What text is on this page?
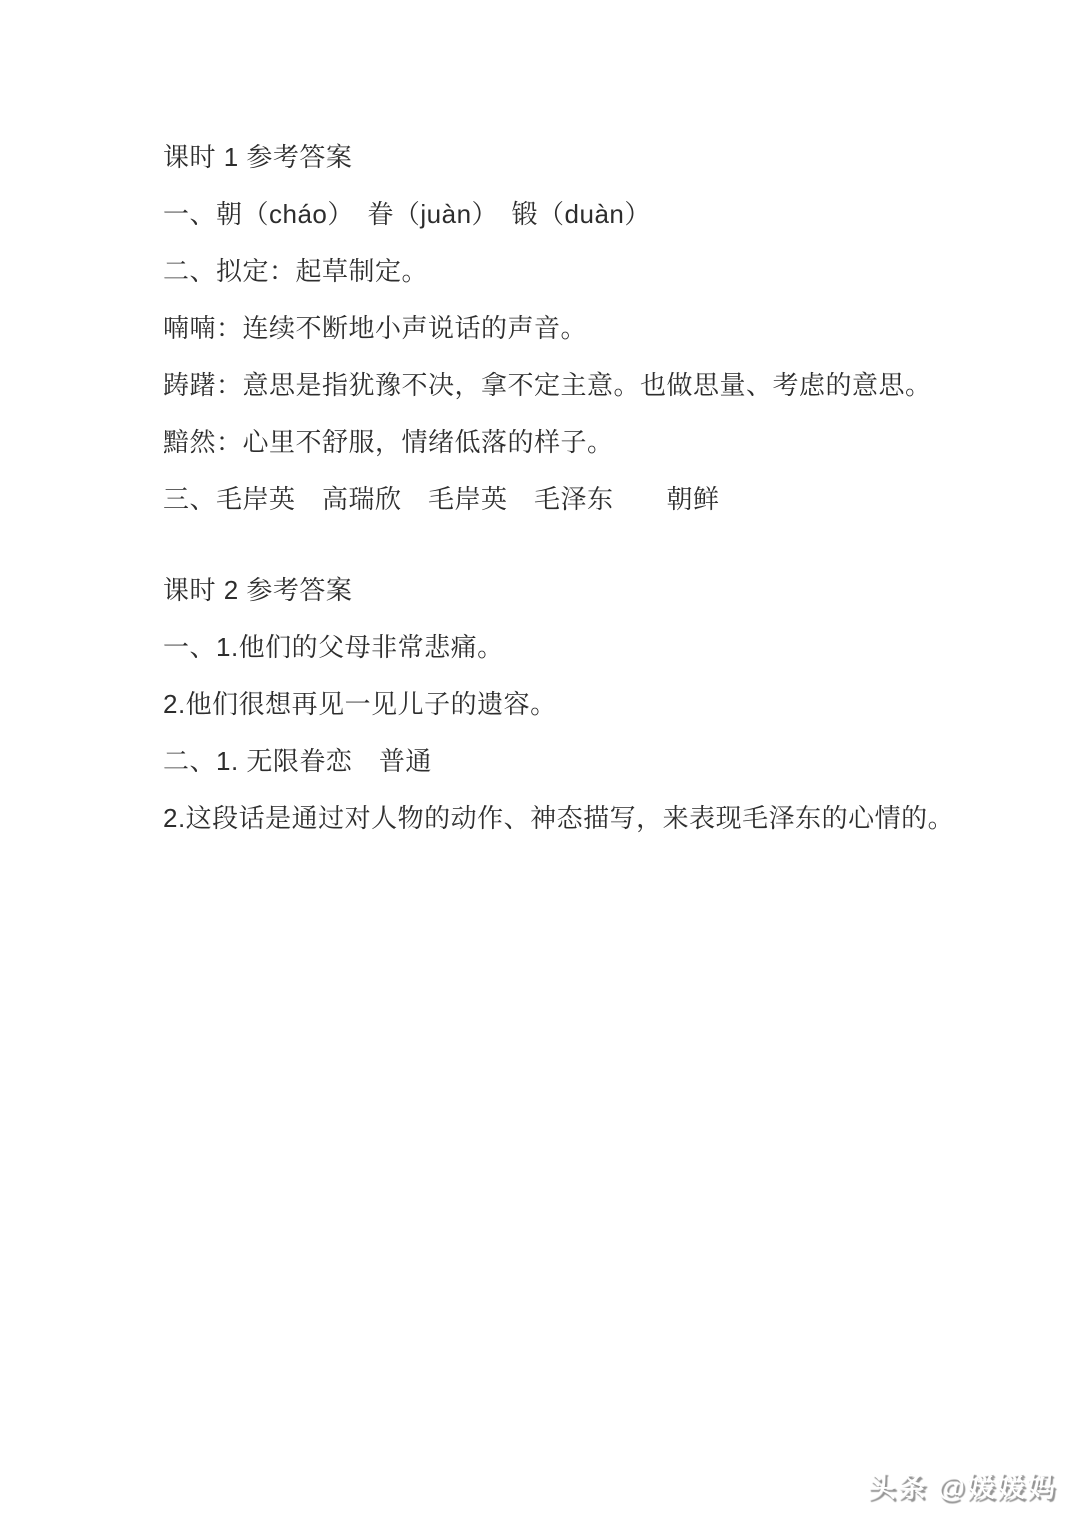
课时 1 参考答案

一、朝（cháo）　眷（juàn）　锻（duàn）

二、拟定：起草制定。

喃喃：连续不断地小声说话的声音。

踌躇：意思是指犹豫不决，拿不定主意。也做思量、考虑的意思。

黯然：心里不舒服，情绪低落的样子。

三、毛岸英　高瑞欣　毛岸英　毛泽东　　朝鲜

课时 2 参考答案

一、1.他们的父母非常悲痛。

2.他们很想再见一见儿子的遗容。

二、1. 无限眷恋　普通

2.这段话是通过对人物的动作、神态描写，来表现毛泽东的心情的。

头条 @媛媛妈
